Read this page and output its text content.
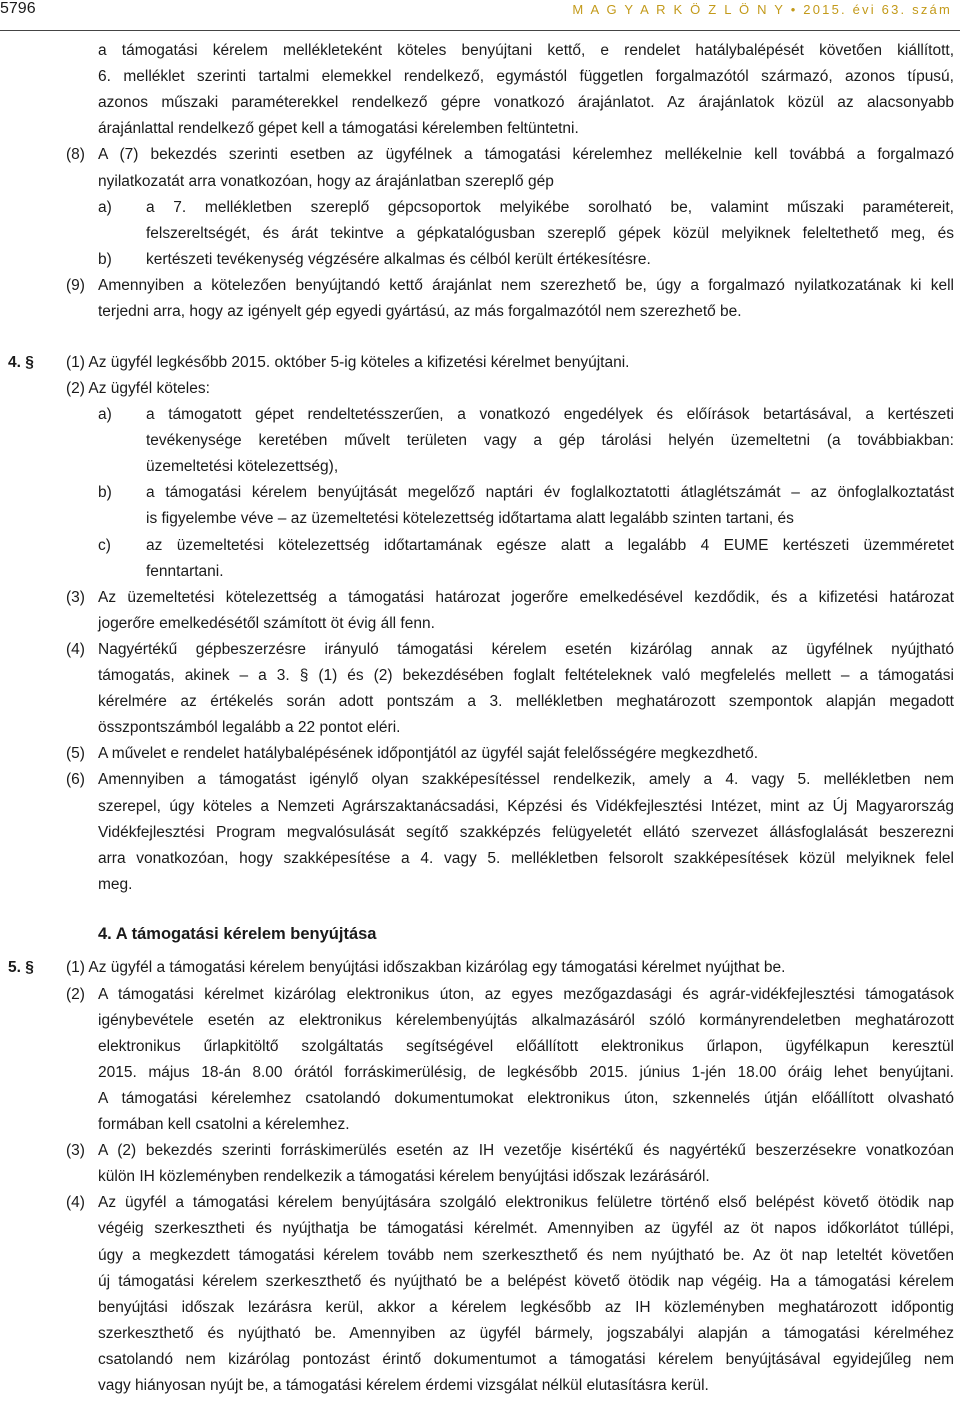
5796	M A G Y A R K Ö Z L Ö N Y • 2015. évi 63. szám
a támogatási kérelem mellékleteként köteles benyújtani kettő, e rendelet hatálybalépését követően kiállított,
6. melléklet szerinti tartalmi elemekkel rendelkező, egymástól független forgalmazótól származó, azonos típusú,
azonos műszaki paraméterekkel rendelkező gépre vonatkozó árajánlatot. Az árajánlatok közül az alacsonyabb
árajánlattal rendelkező gépet kell a támogatási kérelemben feltüntetni.
A (7) bekezdés szerinti esetben az ügyfélnek a támogatási kérelemhez mellékelnie kell továbbá a forgalmazó
nyilatkozatát arra vonatkozóan, hogy az árajánlatban szereplő gép
a 7. mellékletben szereplő gépcsoportok melyikébe sorolható be, valamint műszaki paramétereit,
felszereltségét, és árát tekintve a gépkatalógusban szereplő gépek közül melyiknek feleltethető meg, és
kertészeti tevékenység végzésére alkalmas és célból került értékesítésre.
Amennyiben a kötelezően benyújtandó kettő árajánlat nem szerezhető be, úgy a forgalmazó nyilatkozatának ki kell
terjedni arra, hogy az igényelt gép egyedi gyártású, az más forgalmazótól nem szerezhető be.
(1) Az ügyfél legkésőbb 2015. október 5-ig köteles a kifizetési kérelmet benyújtani.
(2) Az ügyfél köteles:
a támogatott gépet rendeltetésszerűen, a vonatkozó engedélyek és előírások betartásával, a kertészeti
tevékenysége keretében művelt területen vagy a gép tárolási helyén üzemeltetni (a továbbiakban:
üzemeltetési kötelezettség),
a támogatási kérelem benyújtását megelőző naptári év foglalkoztatotti átlaglétszámát – az önfoglalkoztatást
is figyelembe véve – az üzemeltetési kötelezettség időtartama alatt legalább szinten tartani, és
az üzemeltetési kötelezettség időtartamának egésze alatt a legalább 4 EUME kertészeti üzemméretet
fenntartani.
Az üzemeltetési kötelezettség a támogatási határozat jogerőre emelkedésével kezdődik, és a kifizetési határozat
jogerőre emelkedésétől számított öt évig áll fenn.
Nagyértékű gépbeszerzésre irányuló támogatási kérelem esetén kizárólag annak az ügyfélnek nyújtható
támogatás, akinek – a 3. § (1) és (2) bekezdésében foglalt feltételeknek való megfelelés mellett – a támogatási
kérelmére az értékelés során adott pontszám a 3. mellékletben meghatározott szempontok alapján megadott
összpontszámból legalább a 22 pontot eléri.
A művelet e rendelet hatálybalépésének időpontjától az ügyfél saját felelősségére megkezdhető.
Amennyiben a támogatást igénylő olyan szakképesítéssel rendelkezik, amely a 4. vagy 5. mellékletben nem
szerepel, úgy köteles a Nemzeti Agrárszaktanácsadási, Képzési és Vidékfejlesztési Intézet, mint az Új Magyarország
Vidékfejlesztési Program megvalósulását segítő szakképzés felügyeletét ellátó szervezet állásfoglalását beszerezni
arra vonatkozóan, hogy szakképesítése a 4. vagy 5. mellékletben felsorolt szakképesítések közül melyiknek felel
meg.
4. A támogatási kérelem benyújtása
(1) Az ügyfél a támogatási kérelem benyújtási időszakban kizárólag egy támogatási kérelmet nyújthat be.
A támogatási kérelmet kizárólag elektronikus úton, az egyes mezőgazdasági és agrár-vidékfejlesztési támogatások
igénybevétele esetén az elektronikus kérelembenyújtás alkalmazásáról szóló kormányrendeletben meghatározott
elektronikus űrlapkitöltő szolgáltatás segítségével előállított elektronikus űrlapon, ügyfélkapun keresztül
2015. május 18-án 8.00 órától forráskimerülésig, de legkésőbb 2015. június 1-jén 18.00 óráig lehet benyújtani.
A támogatási kérelemhez csatolandó dokumentumokat elektronikus úton, szkennelés útján előállított olvasható
formában kell csatolni a kérelemhez.
A (2) bekezdés szerinti forráskimerülés esetén az IH vezetője kisértékű és nagyértékű beszerzésekre vonatkozóan
külön IH közleményben rendelkezik a támogatási kérelem benyújtási időszak lezárásáról.
Az ügyfél a támogatási kérelem benyújtására szolgáló elektronikus felületre történő első belépést követő ötödik nap
végéig szerkesztheti és nyújthatja be támogatási kérelmét. Amennyiben az ügyfél az öt napos időkorlátot túllépi,
úgy a megkezdett támogatási kérelem tovább nem szerkeszthető és nem nyújtható be. Az öt nap leteltét követően
új támogatási kérelem szerkeszthető és nyújtható be a belépést követő ötödik nap végéig. Ha a támogatási kérelem
benyújtási időszak lezárásra kerül, akkor a kérelem legkésőbb az IH közleményben meghatározott időpontig
szerkeszthető és nyújtható be. Amennyiben az ügyfél bármely, jogszabályi alapján a támogatási kérelméhez
csatolandó nem kizárólag pontozást érintő dokumentumot a támogatási kérelem benyújtásával egyidejűleg nem
vagy hiányosan nyújt be, a támogatási kérelem érdemi vizsgálat nélkül elutasításra kerül.
(8)
a)
b)
(9)
4. §
a)
b)
c)
(3)
(4)
(5)
(6)
5. §
(2)
(3)
(4)
